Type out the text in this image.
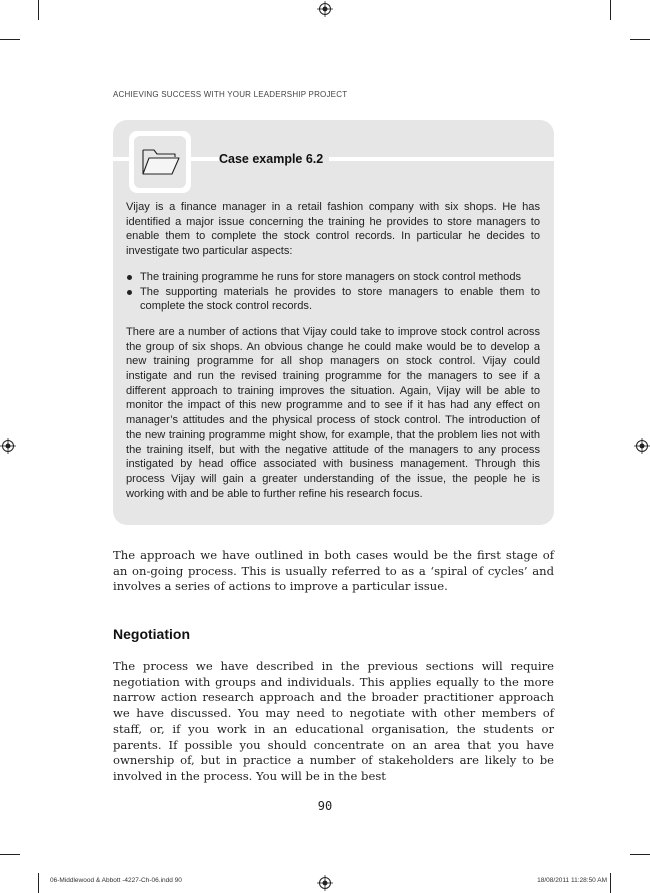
ACHIEVING SUCCESS WITH YOUR LEADERSHIP PROJECT
Case example 6.2

Vijay is a finance manager in a retail fashion company with six shops. He has identified a major issue concerning the training he provides to store managers to enable them to complete the stock control records. In particular he decides to investigate two particular aspects:

The training programme he runs for store managers on stock control methods
The supporting materials he provides to store managers to enable them to complete the stock control records.

There are a number of actions that Vijay could take to improve stock control across the group of six shops. An obvious change he could make would be to develop a new training programme for all shop managers on stock control. Vijay could instigate and run the revised training programme for the managers to see if a different approach to training improves the situation. Again, Vijay will be able to monitor the impact of this new programme and to see if it has had any effect on manager’s attitudes and the physical process of stock control. The introduction of the new training programme might show, for example, that the problem lies not with the training itself, but with the negative attitude of the managers to any process instigated by head office associated with business management. Through this process Vijay will gain a greater understanding of the issue, the people he is working with and be able to further refine his research focus.

The approach we have outlined in both cases would be the first stage of an on-going process. This is usually referred to as a ‘spiral of cycles’ and involves a series of actions to improve a particular issue.

Negotiation

The process we have described in the previous sections will require negotiation with groups and individuals. This applies equally to the more narrow action research approach and the broader practitioner approach we have discussed. You may need to negotiate with other members of staff, or, if you work in an educational organisation, the students or parents. If possible you should concentrate on an area that you have ownership of, but in practice a number of stakeholders are likely to be involved in the process. You will be in the best

90
06-Middlewood & Abbott -4227-Ch-06.indd 90	18/08/2011 11:28:50 AM
